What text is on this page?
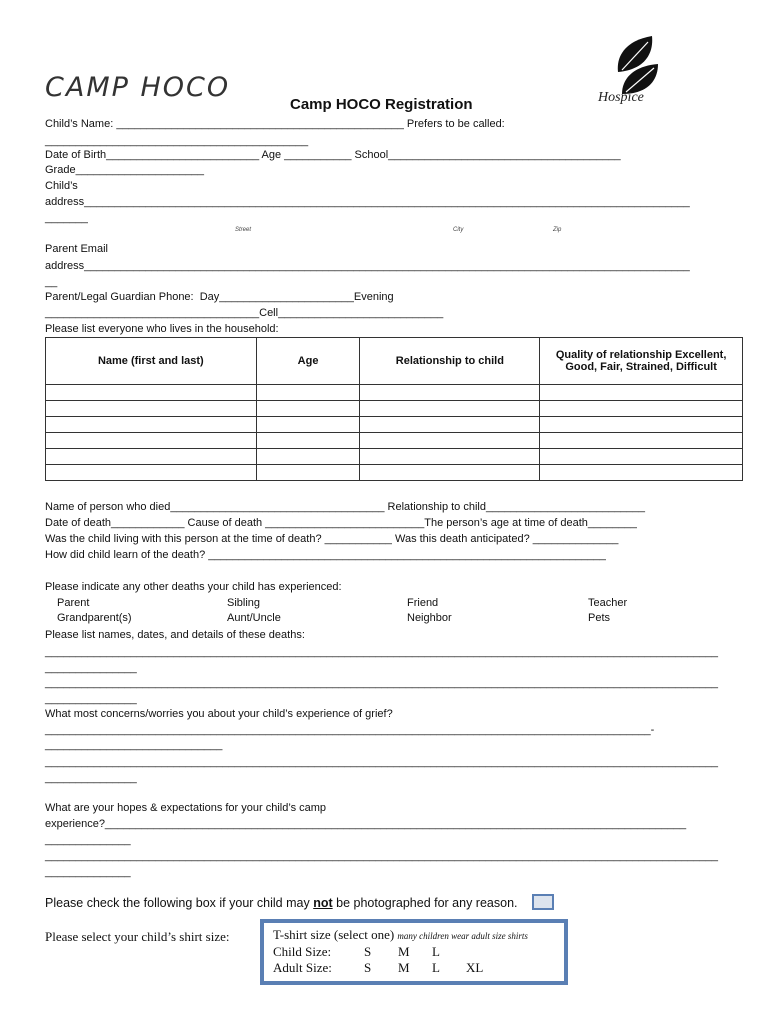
CAMP HOCO
Camp HOCO Registration	Hospice
Child’s Name: _______________________________________________ Prefers to be called:
___________________________________________
Date of Birth_________________________ Age ___________ School______________________________________
Grade_____________________
Child’s
address___________________________________________________________________________________________________
_______
Street	City	Zip
Parent Email
address___________________________________________________________________________________________________
__
Parent/Legal Guardian Phone:  Day______________________Evening
___________________________________Cell___________________________
Please list everyone who lives in the household:
Name (first and last)	Age	Relationship to child	Quality of relationship Excellent, Good, Fair, Strained, Difficult

Name of person who died___________________________________ Relationship to child__________________________
Date of death____________ Cause of death __________________________The person’s age at time of death________
Was the child living with this person at the time of death? ___________ Was this death anticipated? ______________
How did child learn of the death? _________________________________________________________________
Please indicate any other deaths your child has experienced:
Parent	Sibling	Friend	Teacher
Grandparent(s)	Aunt/Uncle	Neighbor	Pets
Please list names, dates, and details of these deaths:
______________________________________________________________________________________________________________
_______________
______________________________________________________________________________________________________________
_______________
What most concerns/worries you about your child’s experience of grief?
___________________________________________________________________________________________________-
_____________________________
______________________________________________________________________________________________________________
_______________
What are your hopes & expectations for your child’s camp
experience?_______________________________________________________________________________________________
______________
______________________________________________________________________________________________________________
______________
Please check the following box if your child may not be photographed for any reason.
Please select your child’s shirt size:	T-shirt size (select one) many children wear adult size shirts
Child Size:	S M L
Adult Size: S M L XL
